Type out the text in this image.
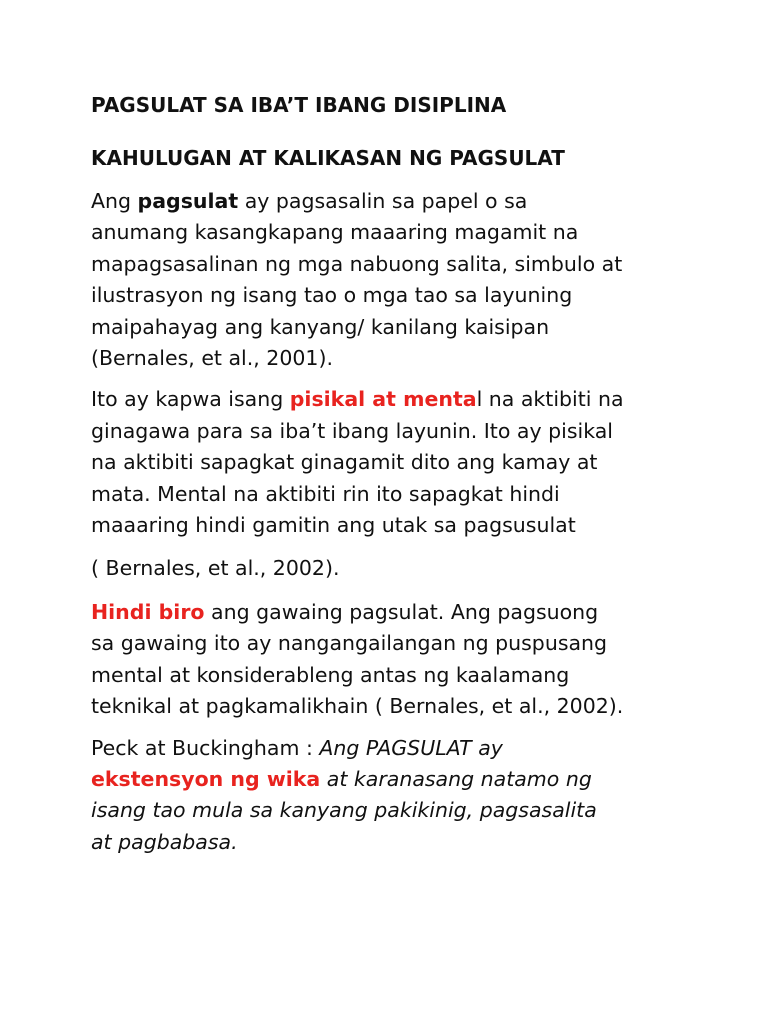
PAGSULAT SA IBA’T IBANG DISIPLINA

KAHULUGAN AT KALIKASAN NG PAGSULAT

Ang pagsulat ay pagsasalin sa papel o sa
anumang kasangkapang maaaring magamit na
mapagsasalinan ng mga nabuong salita, simbulo at
ilustrasyon ng isang tao o mga tao sa layuning
maipahayag ang kanyang/ kanilang kaisipan
(Bernales, et al., 2001).

Ito ay kapwa isang pisikal at mental na aktibiti na
ginagawa para sa iba’t ibang layunin. Ito ay pisikal
na aktibiti sapagkat ginagamit dito ang kamay at
mata. Mental na aktibiti rin ito sapagkat hindi
maaaring hindi gamitin ang utak sa pagsusulat

( Bernales, et al., 2002).

Hindi biro ang gawaing pagsulat. Ang pagsuong
sa gawaing ito ay nangangailangan ng puspusang
mental at konsiderableng antas ng kaalamang
teknikal at pagkamalikhain ( Bernales, et al., 2002).

Peck at Buckingham : Ang PAGSULAT ay
ekstensyon ng wika at karanasang natamo ng
isang tao mula sa kanyang pakikinig, pagsasalita
at pagbabasa.
